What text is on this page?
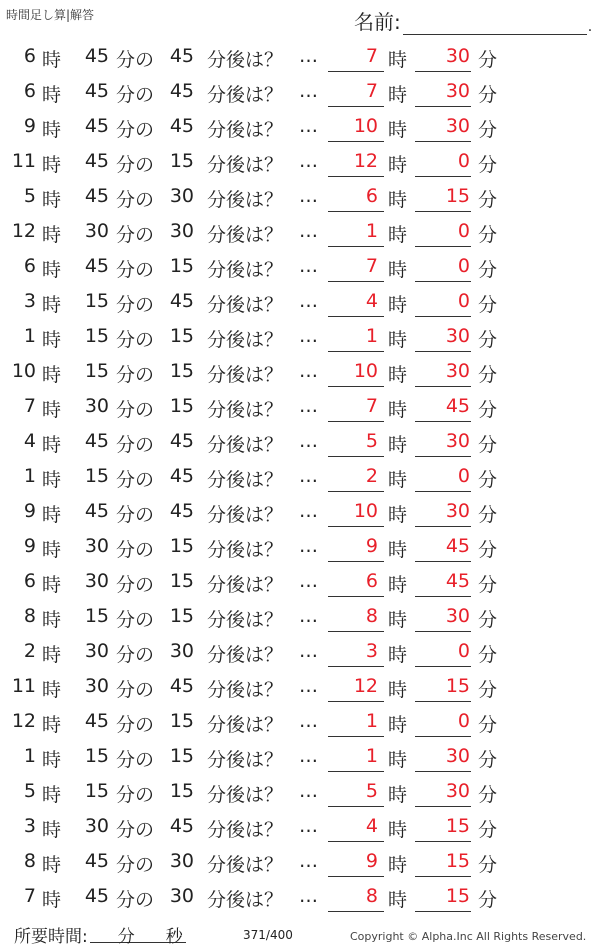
時間足し算|解答	名前:	.
6 時	45 分の 45 分後は？ …	7 時	30 分
6 時	45 分の 45 分後は？ …	7 時	30 分
9 時	45 分の 45 分後は？ …	10 時	30 分
11 時	45 分の 15 分後は？ …	12 時	0 分
5 時	45 分の 30 分後は？ …	6 時	15 分
12 時	30 分の 30 分後は？ …	1 時	0 分
6 時	45 分の 15 分後は？ …	7 時	0 分
3 時	15 分の 45 分後は？ …	4 時	0 分
1 時	15 分の 15 分後は？ …	1 時	30 分
10 時	15 分の 15 分後は？ …	10 時	30 分
7 時	30 分の 15 分後は？ …	7 時	45 分
4 時	45 分の 45 分後は？ …	5 時	30 分
1 時	15 分の 45 分後は？ …	2 時	0 分
9 時	45 分の 45 分後は？ …	10 時	30 分
9 時	30 分の 15 分後は？ …	9 時	45 分
6 時	30 分の 15 分後は？ …	6 時	45 分
8 時	15 分の 15 分後は？ …	8 時	30 分
2 時	30 分の 30 分後は？ …	3 時	0 分
11 時	30 分の 45 分後は？ …	12 時	15 分
12 時	45 分の 15 分後は？ …	1 時	0 分
1 時	15 分の 15 分後は？ …	1 時	30 分
5 時	15 分の 15 分後は？ …	5 時	30 分
3 時	30 分の 45 分後は？ …	4 時	15 分
8 時	45 分の 30 分後は？ …	9 時	15 分
7 時	45 分の 30 分後は？ …	8 時	15 分
所要時間: 分 秒	371/400	Copyright © Alpha.Inc All Rights Reserved.
